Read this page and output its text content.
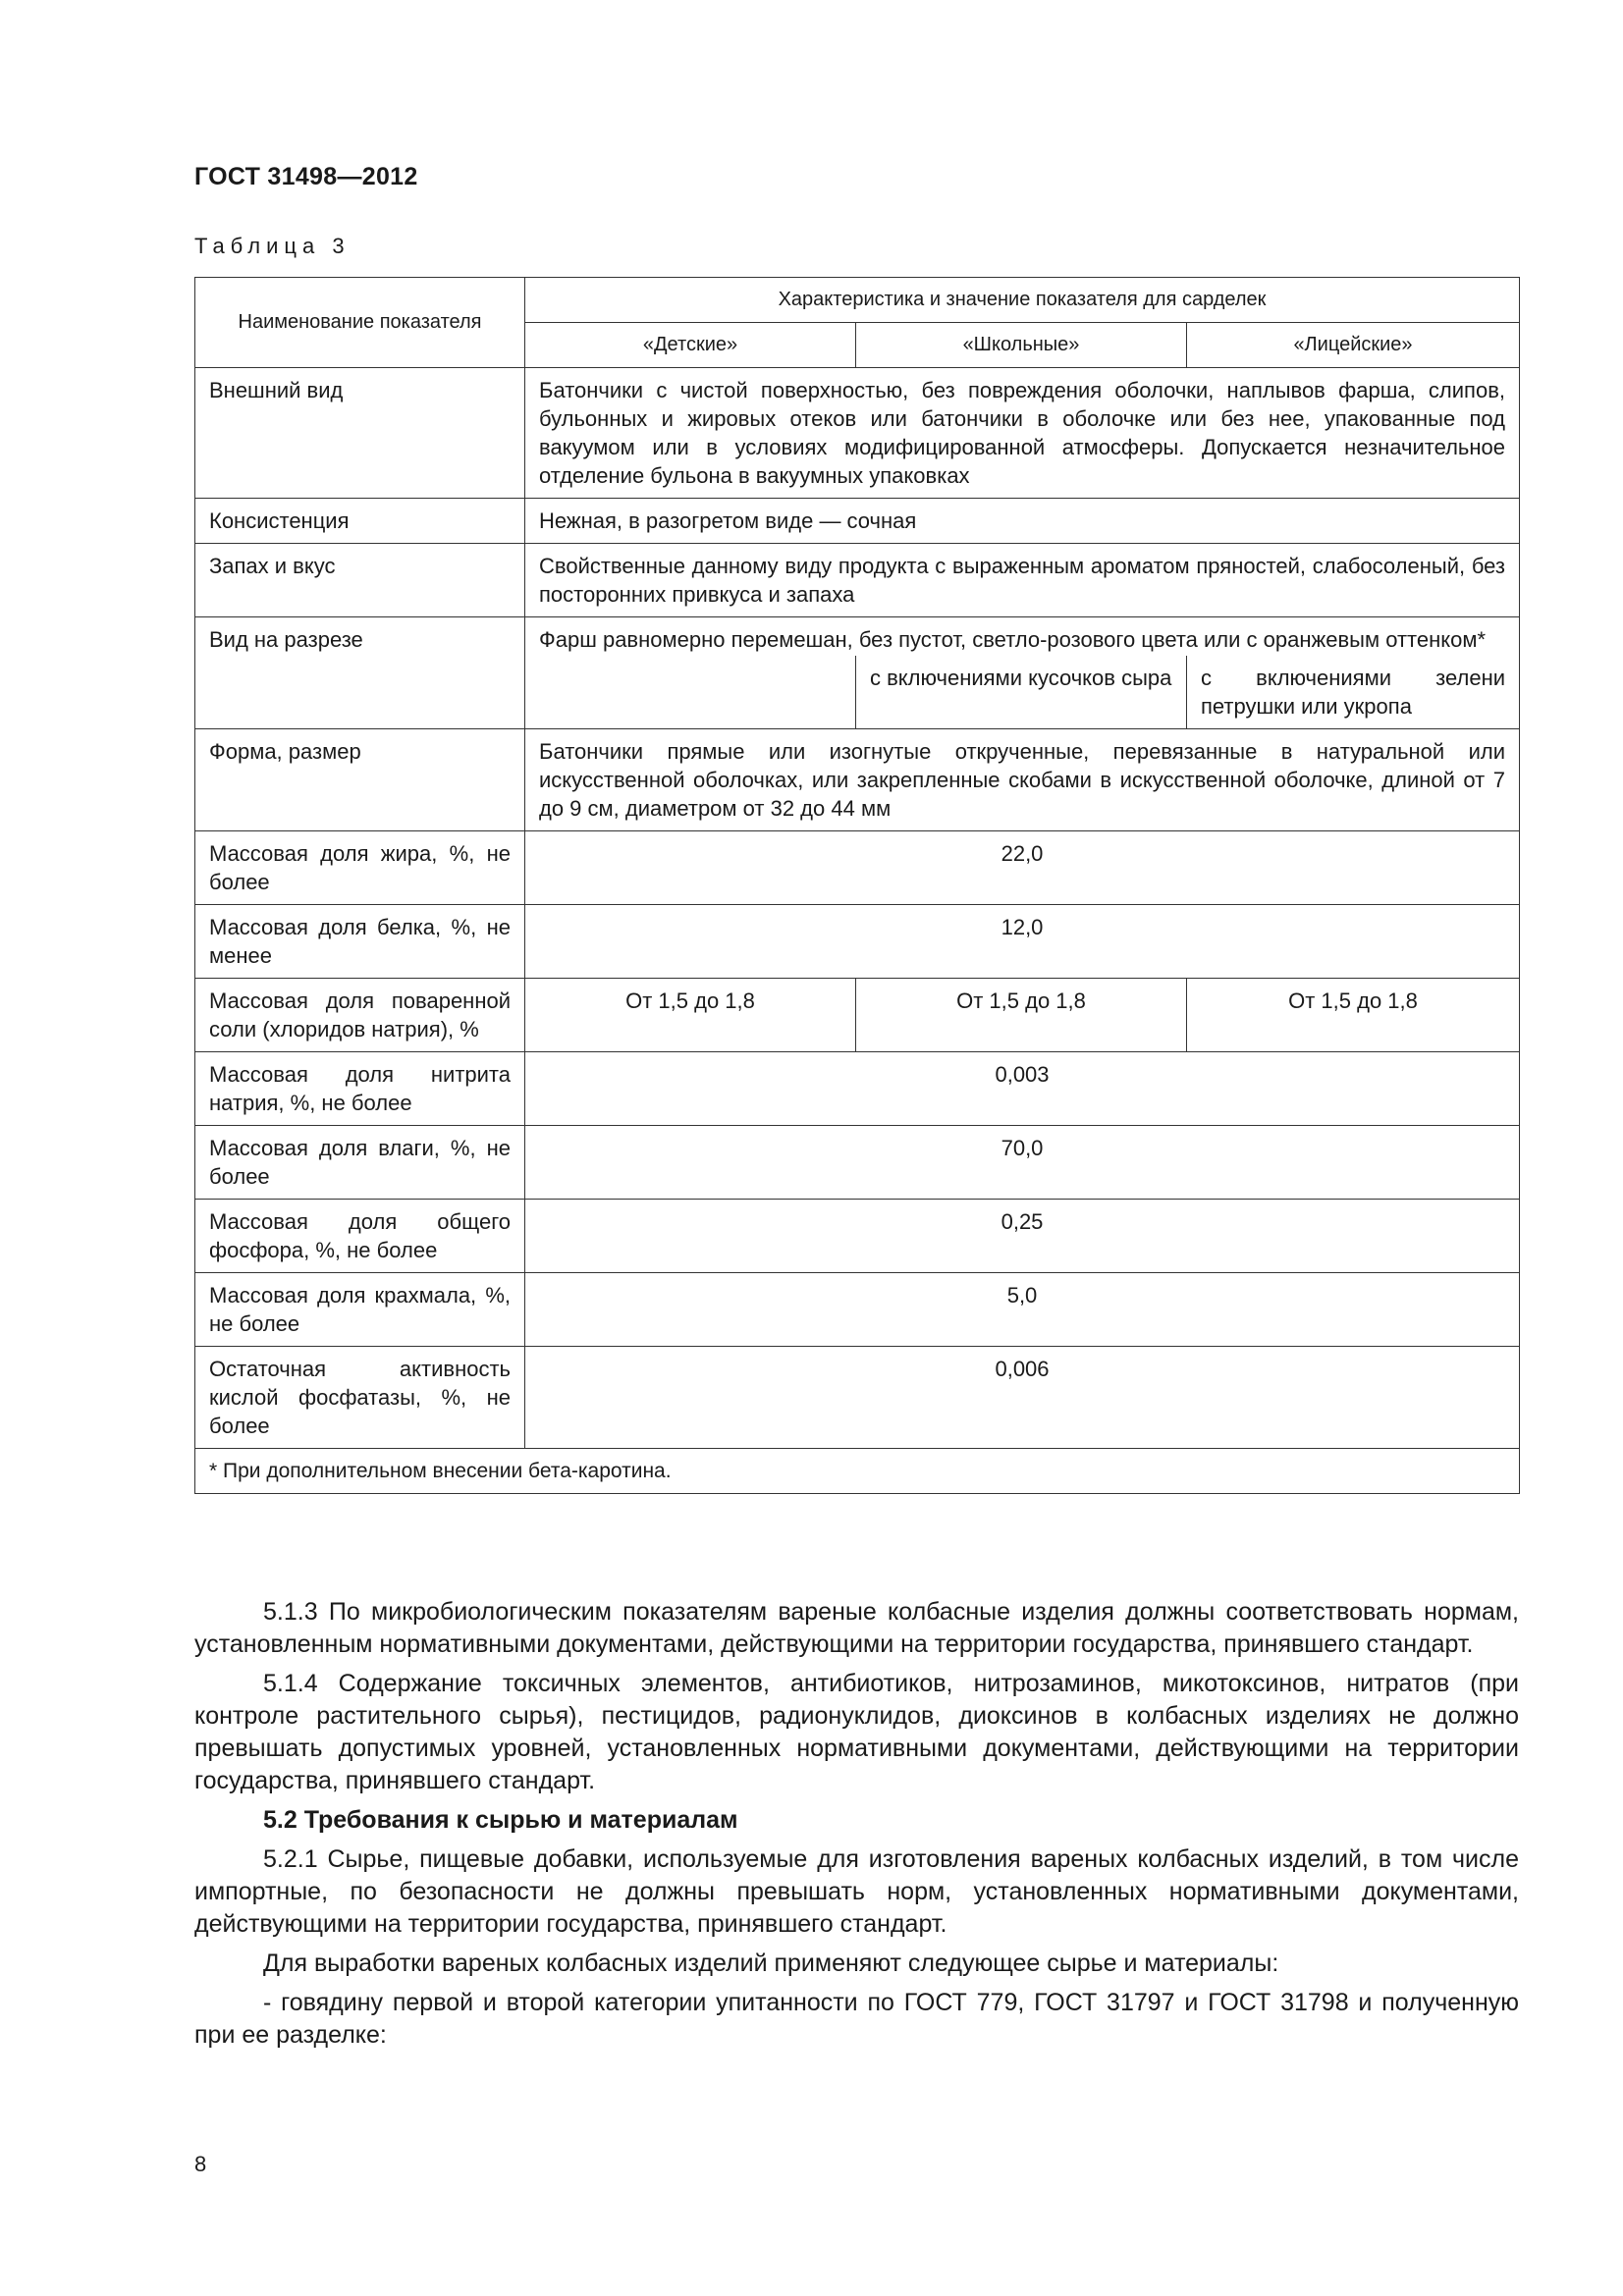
ГОСТ 31498—2012
Таблица 3
Наименование показателя	Характеристика и значение показателя для сарделек		
	«Детские»	«Школьные»	«Лицейские»
Внешний вид	Батончики с чистой поверхностью, без повреждения оболочки, наплывов фарша, слипов, бульонных и жировых отеков или батончики в оболочке или без нее, упакованные под вакуумом или в условиях модифицированной атмосферы. Допускается незначительное отделение бульона в вакуумных упаковках		
Консистенция	Нежная, в разогретом виде — сочная		
Запах и вкус	Свойственные данному виду продукта с выраженным ароматом пряностей, слабосоленый, без посторонних привкуса и запаха		
Вид на разрезе	Фарш равномерно перемешан, без пустот, светло-розового цвета или с оранжевым оттенком*		
		с включениями кусочков сыра	с включениями зелени петрушки или укропа
Форма, размер	Батончики прямые или изогнутые открученные, перевязанные в натуральной или искусственной оболочках, или закрепленные скобами в искусственной оболочке, длиной от 7 до 9 см, диаметром от 32 до 44 мм		
Массовая доля жира, %, не более	22,0		
Массовая доля белка, %, не менее	12,0		
Массовая доля поваренной соли (хлоридов натрия), %	От 1,5 до 1,8	От 1,5 до 1,8	От 1,5 до 1,8
Массовая доля нитрита натрия, %, не более	0,003		
Массовая доля влаги, %, не более	70,0		
Массовая доля общего фосфора, %, не более	0,25		
Массовая доля крахмала, %, не более	5,0		
Остаточная активность кислой фосфатазы, %, не более	0,006		
* При дополнительном внесении бета-каротина.			

5.1.3 По микробиологическим показателям вареные колбасные изделия должны соответствовать нормам, установленным нормативными документами, действующими на территории государства, принявшего стандарт.

5.1.4 Содержание токсичных элементов, антибиотиков, нитрозаминов, микотоксинов, нитратов (при контроле растительного сырья), пестицидов, радионуклидов, диоксинов в колбасных изделиях не должно превышать допустимых уровней, установленных нормативными документами, действующими на территории государства, принявшего стандарт.

5.2 Требования к сырью и материалам

5.2.1 Сырье, пищевые добавки, используемые для изготовления вареных колбасных изделий, в том числе импортные, по безопасности не должны превышать норм, установленных нормативными документами, действующими на территории государства, принявшего стандарт.

Для выработки вареных колбасных изделий применяют следующее сырье и материалы:

- говядину первой и второй категории упитанности по ГОСТ 779, ГОСТ 31797 и ГОСТ 31798 и полученную при ее разделке:

8
